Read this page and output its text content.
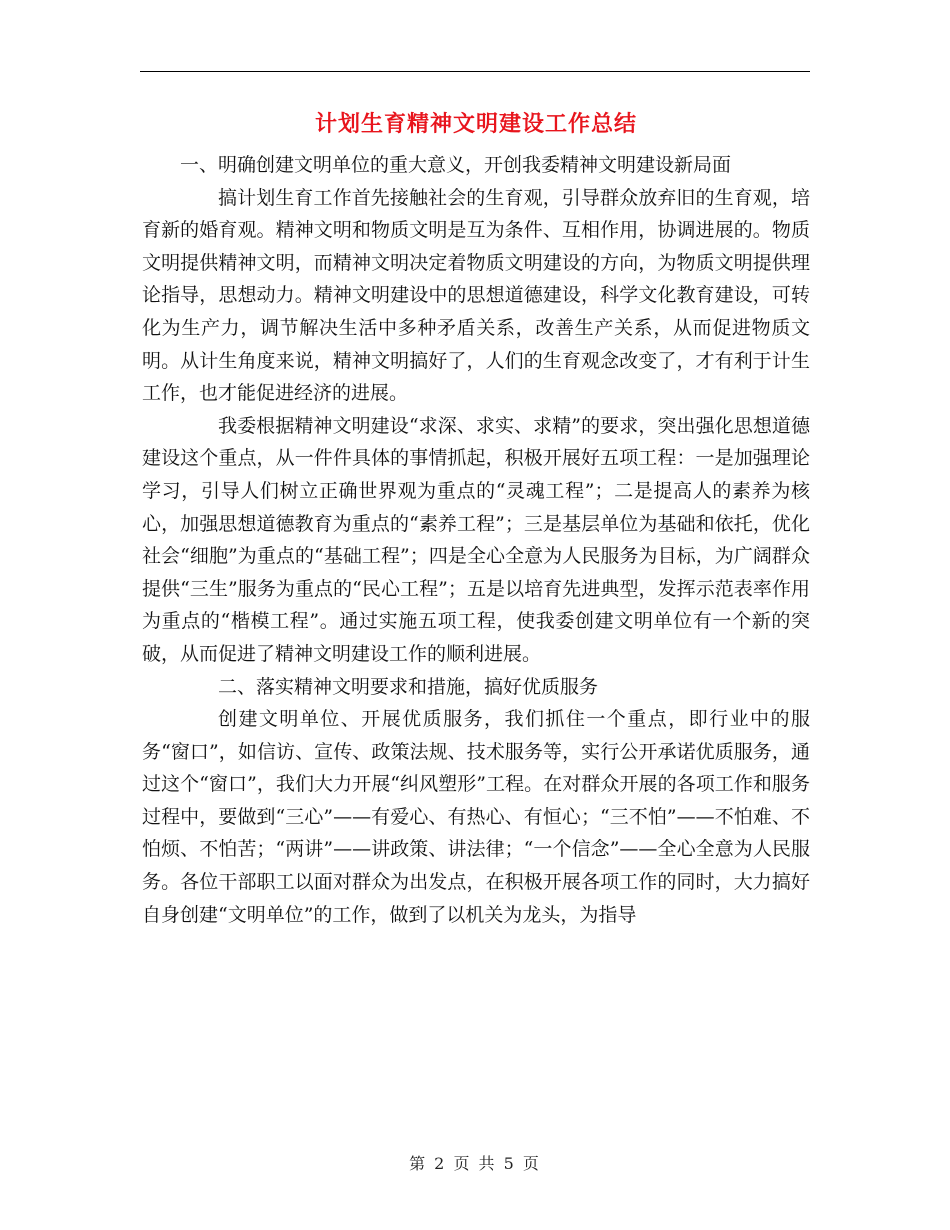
计划生育精神文明建设工作总结

一、明确创建文明单位的重大意义，开创我委精神文明建设新局面

搞计划生育工作首先接触社会的生育观，引导群众放弃旧的生育观，培育新的婚育观。精神文明和物质文明是互为条件、互相作用，协调进展的。物质文明提供精神文明，而精神文明决定着物质文明建设的方向，为物质文明提供理论指导，思想动力。精神文明建设中的思想道德建设，科学文化教育建设，可转化为生产力，调节解决生活中多种矛盾关系，改善生产关系，从而促进物质文明。从计生角度来说，精神文明搞好了，人们的生育观念改变了，才有利于计生工作，也才能促进经济的进展。

我委根据精神文明建设“求深、求实、求精”的要求，突出强化思想道德建设这个重点，从一件件具体的事情抓起，积极开展好五项工程：一是加强理论学习，引导人们树立正确世界观为重点的“灵魂工程”；二是提高人的素养为核心，加强思想道德教育为重点的“素养工程”；三是基层单位为基础和依托，优化社会“细胞”为重点的“基础工程”；四是全心全意为人民服务为目标，为广阔群众提供“三生”服务为重点的“民心工程”；五是以培育先进典型，发挥示范表率作用为重点的“楷模工程”。通过实施五项工程，使我委创建文明单位有一个新的突破，从而促进了精神文明建设工作的顺利进展。

二、落实精神文明要求和措施，搞好优质服务

创建文明单位、开展优质服务，我们抓住一个重点，即行业中的服务“窗口”，如信访、宣传、政策法规、技术服务等，实行公开承诺优质服务，通过这个“窗口”，我们大力开展“纠风塑形”工程。在对群众开展的各项工作和服务过程中，要做到“三心”——有爱心、有热心、有恒心；“三不怕”——不怕难、不怕烦、不怕苦；“两讲”——讲政策、讲法律；“一个信念”——全心全意为人民服务。各位干部职工以面对群众为出发点，在积极开展各项工作的同时，大力搞好自身创建“文明单位”的工作，做到了以机关为龙头，为指导

第 2 页 共 5 页
